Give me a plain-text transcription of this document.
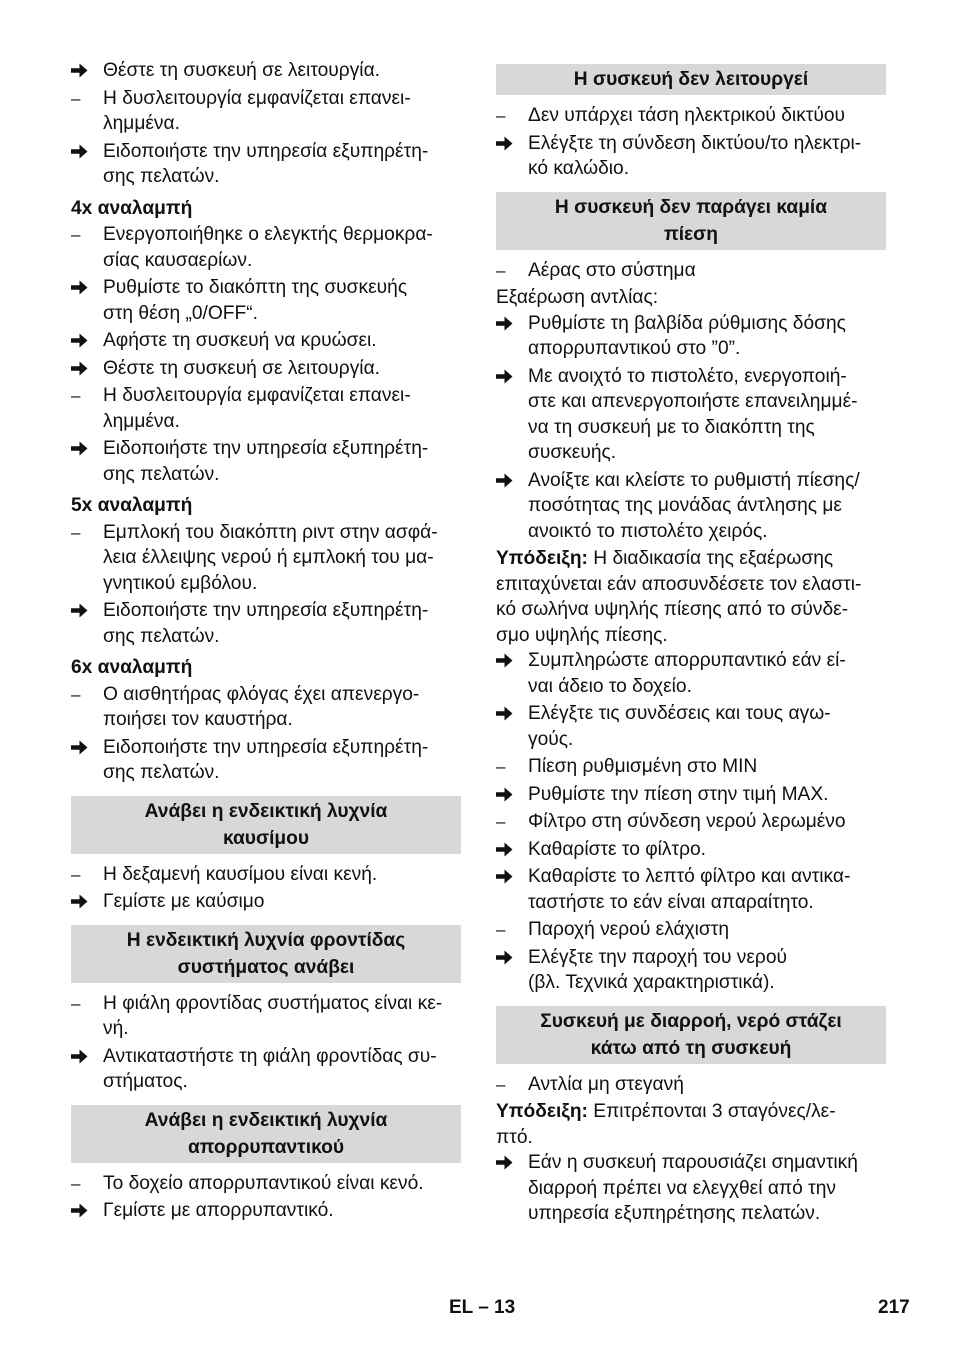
Θέστε τη συσκευή σε λειτουργία.
–	Η δυσλειτουργία εμφανίζεται επανει-
λημμένα.
Ειδοποιήστε την υπηρεσία εξυπηρέτη-
σης πελατών.
4x αναλαμπή
–	Ενεργοποιήθηκε ο ελεγκτής θερμοκρα-
σίας καυσαερίων.
Ρυθμίστε το διακόπτη της συσκευής
στη θέση „0/OFF“.
Αφήστε τη συσκευή να κρυώσει.
Θέστε τη συσκευή σε λειτουργία.
–	Η δυσλειτουργία εμφανίζεται επανει-
λημμένα.
Ειδοποιήστε την υπηρεσία εξυπηρέτη-
σης πελατών.
5x αναλαμπή
–	Εμπλοκή του διακόπτη ριντ στην ασφά-
λεια έλλειψης νερού ή εμπλοκή του μα-
γνητικού εμβόλου.
Ειδοποιήστε την υπηρεσία εξυπηρέτη-
σης πελατών.
6x αναλαμπή
–	Ο αισθητήρας φλόγας έχει απενεργο-
ποιήσει τον καυστήρα.
Ειδοποιήστε την υπηρεσία εξυπηρέτη-
σης πελατών.
Ανάβει η ενδεικτική λυχνία
καυσίμου
–	Η δεξαμενή καυσίμου είναι κενή.
Γεμίστε με καύσιμο
Η ενδεικτική λυχνία φροντίδας
συστήματος ανάβει
–	Η φιάλη φροντίδας συστήματος είναι κε-
νή.
Αντικαταστήστε τη φιάλη φροντίδας συ-
στήματος.
Ανάβει η ενδεικτική λυχνία
απορρυπαντικού
–	Το δοχείο απορρυπαντικού είναι κενό.
Γεμίστε με απορρυπαντικό.
Η συσκευή δεν λειτουργεί
–	Δεν υπάρχει τάση ηλεκτρικού δικτύου
Ελέγξτε τη σύνδεση δικτύου/το ηλεκτρι-
κό καλώδιο.
Η συσκευή δεν παράγει καμία
πίεση
–	Αέρας στο σύστημα
Εξαέρωση αντλίας:
Ρυθμίστε τη βαλβίδα ρύθμισης δόσης
απορρυπαντικού στο ”0”.
Με ανοιχτό το πιστολέτο, ενεργοποιή-
στε και απενεργοποιήστε επανειλημμέ-
να τη συσκευή με το διακόπτη της
συσκευής.
Ανοίξτε και κλείστε το ρυθμιστή πίεσης/
ποσότητας της μονάδας άντλησης με
ανοικτό το πιστολέτο χειρός.
Υπόδειξη: Η διαδικασία της εξαέρωσης
επιταχύνεται εάν αποσυνδέσετε τον ελαστι-
κό σωλήνα υψηλής πίεσης από το σύνδε-
σμο υψηλής πίεσης.
Συμπληρώστε απορρυπαντικό εάν εί-
ναι άδειο το δοχείο.
Ελέγξτε τις συνδέσεις και τους αγω-
γούς.
–	Πίεση ρυθμισμένη στο MIN
Ρυθμίστε την πίεση στην τιμή MAX.
–	Φίλτρο στη σύνδεση νερού λερωμένο
Καθαρίστε το φίλτρο.
Καθαρίστε το λεπτό φίλτρο και αντικα-
ταστήστε το εάν είναι απαραίτητο.
–	Παροχή νερού ελάχιστη
Ελέγξτε την παροχή του νερού
(βλ. Τεχνικά χαρακτηριστικά).
Συσκευή με διαρροή, νερό στάζει
κάτω από τη συσκευή
–	Αντλία μη στεγανή
Υπόδειξη: Επιτρέπονται 3 σταγόνες/λε-
πτό.
Εάν η συσκευή παρουσιάζει σημαντική
διαρροή πρέπει να ελεγχθεί από την
υπηρεσία εξυπηρέτησης πελατών.
EL – 13	217
